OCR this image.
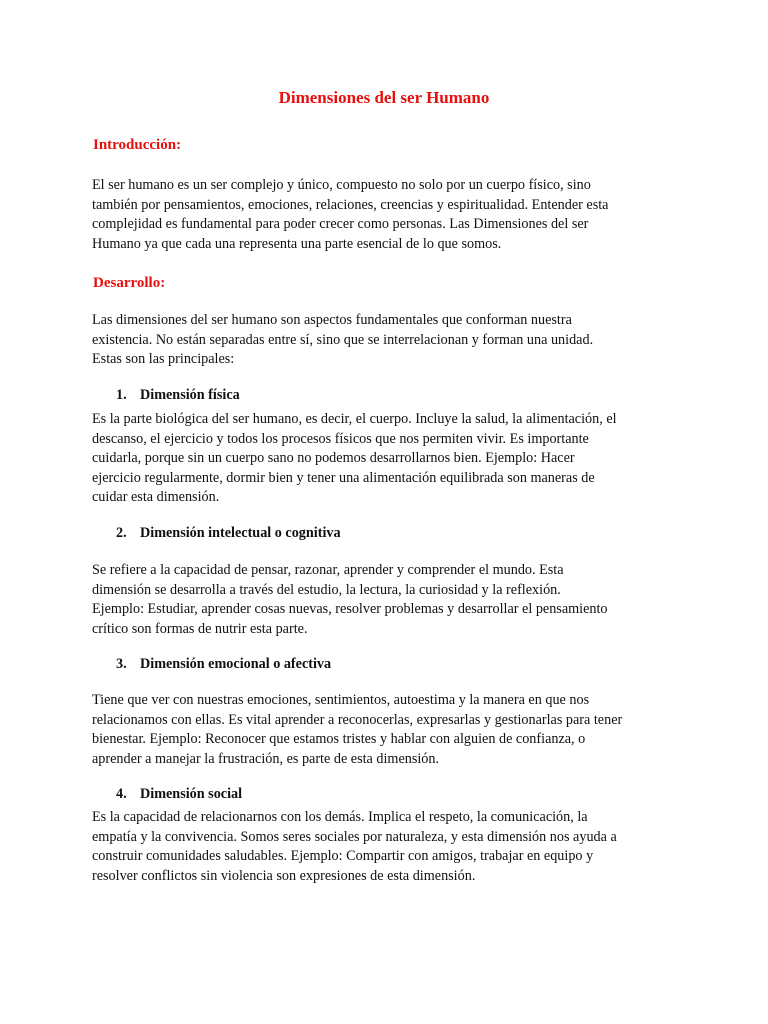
Dimensiones del ser Humano
Introducción:

El ser humano es un ser complejo y único, compuesto no solo por un cuerpo físico, sino
también por pensamientos, emociones, relaciones, creencias y espiritualidad. Entender esta
complejidad es fundamental para poder crecer como personas. Las Dimensiones del ser
Humano ya que cada una representa una parte esencial de lo que somos.

Desarrollo:

Las dimensiones del ser humano son aspectos fundamentales que conforman nuestra
existencia. No están separadas entre sí, sino que se interrelacionan y forman una unidad.
Estas son las principales:

1. Dimensión física

Es la parte biológica del ser humano, es decir, el cuerpo. Incluye la salud, la alimentación, el
descanso, el ejercicio y todos los procesos físicos que nos permiten vivir. Es importante
cuidarla, porque sin un cuerpo sano no podemos desarrollarnos bien. Ejemplo: Hacer
ejercicio regularmente, dormir bien y tener una alimentación equilibrada son maneras de
cuidar esta dimensión.

2. Dimensión intelectual o cognitiva

Se refiere a la capacidad de pensar, razonar, aprender y comprender el mundo. Esta
dimensión se desarrolla a través del estudio, la lectura, la curiosidad y la reflexión.
Ejemplo: Estudiar, aprender cosas nuevas, resolver problemas y desarrollar el pensamiento
crítico son formas de nutrir esta parte.

3. Dimensión emocional o afectiva

Tiene que ver con nuestras emociones, sentimientos, autoestima y la manera en que nos
relacionamos con ellas. Es vital aprender a reconocerlas, expresarlas y gestionarlas para tener
bienestar. Ejemplo: Reconocer que estamos tristes y hablar con alguien de confianza, o
aprender a manejar la frustración, es parte de esta dimensión.

4. Dimensión social

Es la capacidad de relacionarnos con los demás. Implica el respeto, la comunicación, la
empatía y la convivencia. Somos seres sociales por naturaleza, y esta dimensión nos ayuda a
construir comunidades saludables. Ejemplo: Compartir con amigos, trabajar en equipo y
resolver conflictos sin violencia son expresiones de esta dimensión.
